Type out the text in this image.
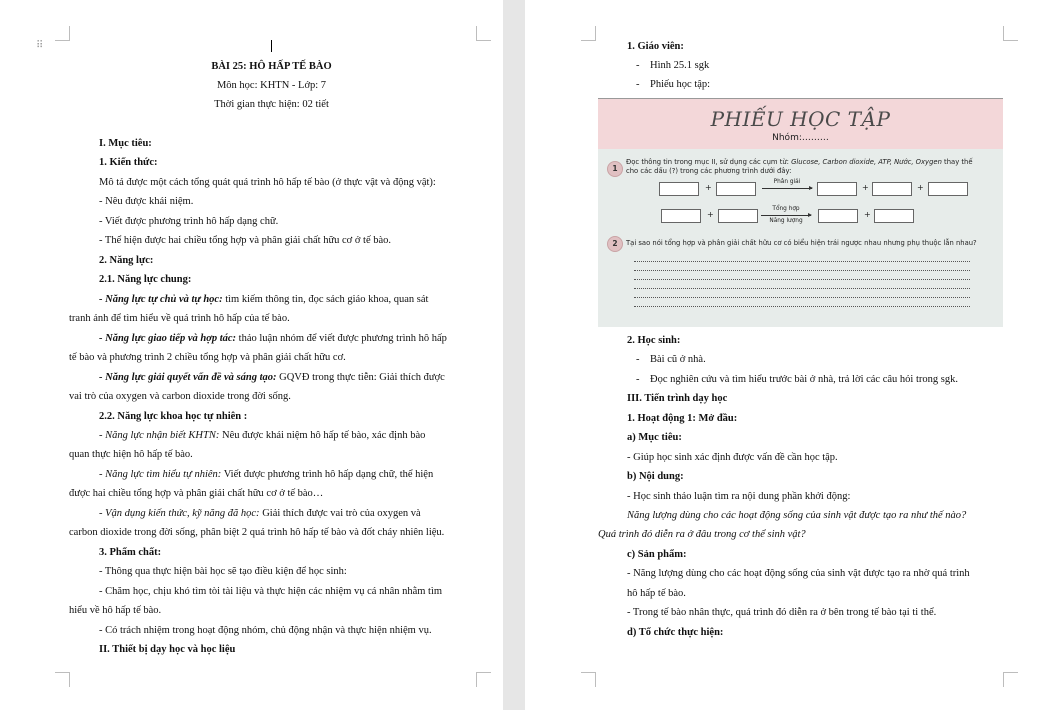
⠿
BÀI 25: HÔ HẤP TẾ BÀO
Môn học: KHTN - Lớp: 7
Thời gian thực hiện: 02 tiết
I. Mục tiêu:
1. Kiến thức:
Mô tả được một cách tổng quát quá trình hô hấp tế bào (ở thực vật và động vật):
- Nêu được khái niệm.
- Viết được phương trình hô hấp dạng chữ.
- Thể hiện được hai chiều tổng hợp và phân giải chất hữu cơ ở tế bào.
2. Năng lực:
2.1. Năng lực chung:
- Năng lực tự chủ và tự học: tìm kiếm thông tin, đọc sách giáo khoa, quan sát
tranh ảnh để tìm hiểu về quá trình hô hấp của tế bào.
- Năng lực giao tiếp và hợp tác: thảo luận nhóm để viết được phương trình hô hấp
tế bào và phương trình 2 chiều tổng hợp và phân giải chất hữu cơ.
- Năng lực giải quyết vấn đề và sáng tạo: GQVĐ trong thực tiễn: Giải thích được
vai trò của oxygen và carbon dioxide trong đời sống.
2.2. Năng lực khoa học tự nhiên :
- Năng lực nhận biết KHTN: Nêu được khái niệm hô hấp tế bào, xác định bào
quan thực hiện hô hấp tế bào.
- Năng lực tìm hiểu tự nhiên: Viết được phương trình hô hấp dạng chữ, thể hiện
được hai chiều tổng hợp và phân giải chất hữu cơ ở tế bào…
- Vận dụng kiến thức, kỹ năng đã học: Giải thích được vai trò của oxygen và
carbon dioxide trong đời sống, phân biệt 2 quá trình hô hấp tế bào và đốt cháy nhiên liệu.
3. Phẩm chất:
- Thông qua thực hiện bài học sẽ tạo điều kiện để học sinh:
- Chăm học, chịu khó tìm tòi tài liệu và thực hiện các nhiệm vụ cá nhân nhằm tìm
hiểu về hô hấp tế bào.
- Có trách nhiệm trong hoạt động nhóm, chủ động nhận và thực hiện nhiệm vụ.
II. Thiết bị dạy học và học liệu
1. Giáo viên:
- Hình 25.1 sgk
- Phiếu học tập:
PHIẾU HỌC TẬP
Nhóm:………
1
Đọc thông tin trong mục II, sử dụng các cụm từ: Glucose, Carbon dioxide, ATP, Nước, Oxygen thay thế
cho các dấu (?) trong các phương trình dưới đây:
+
Phân giải
+	+
+
Tổng hợp
Năng lượng
+
2	Tại sao nói tổng hợp và phân giải chất hữu cơ có biểu hiện trái ngược nhau nhưng phụ thuộc lẫn nhau?
2. Học sinh:
- Bài cũ ở nhà.
- Đọc nghiên cứu và tìm hiểu trước bài ở nhà, trả lời các câu hỏi trong sgk.
III. Tiến trình dạy học
1. Hoạt động 1: Mở đầu:
a) Mục tiêu:
- Giúp học sinh xác định được vấn đề cần học tập.
b) Nội dung:
- Học sinh thảo luận tìm ra nội dung phần khởi động:
Năng lượng dùng cho các hoạt động sống của sinh vật được tạo ra như thế nào?
Quá trình đó diễn ra ở đâu trong cơ thể sinh vật?
c) Sản phẩm:
- Năng lượng dùng cho các hoạt động sống của sinh vật được tạo ra nhờ quá trình
hô hấp tế bào.
- Trong tế bào nhân thực, quá trình đó diễn ra ở bên trong tế bào tại ti thể.
d) Tổ chức thực hiện:
